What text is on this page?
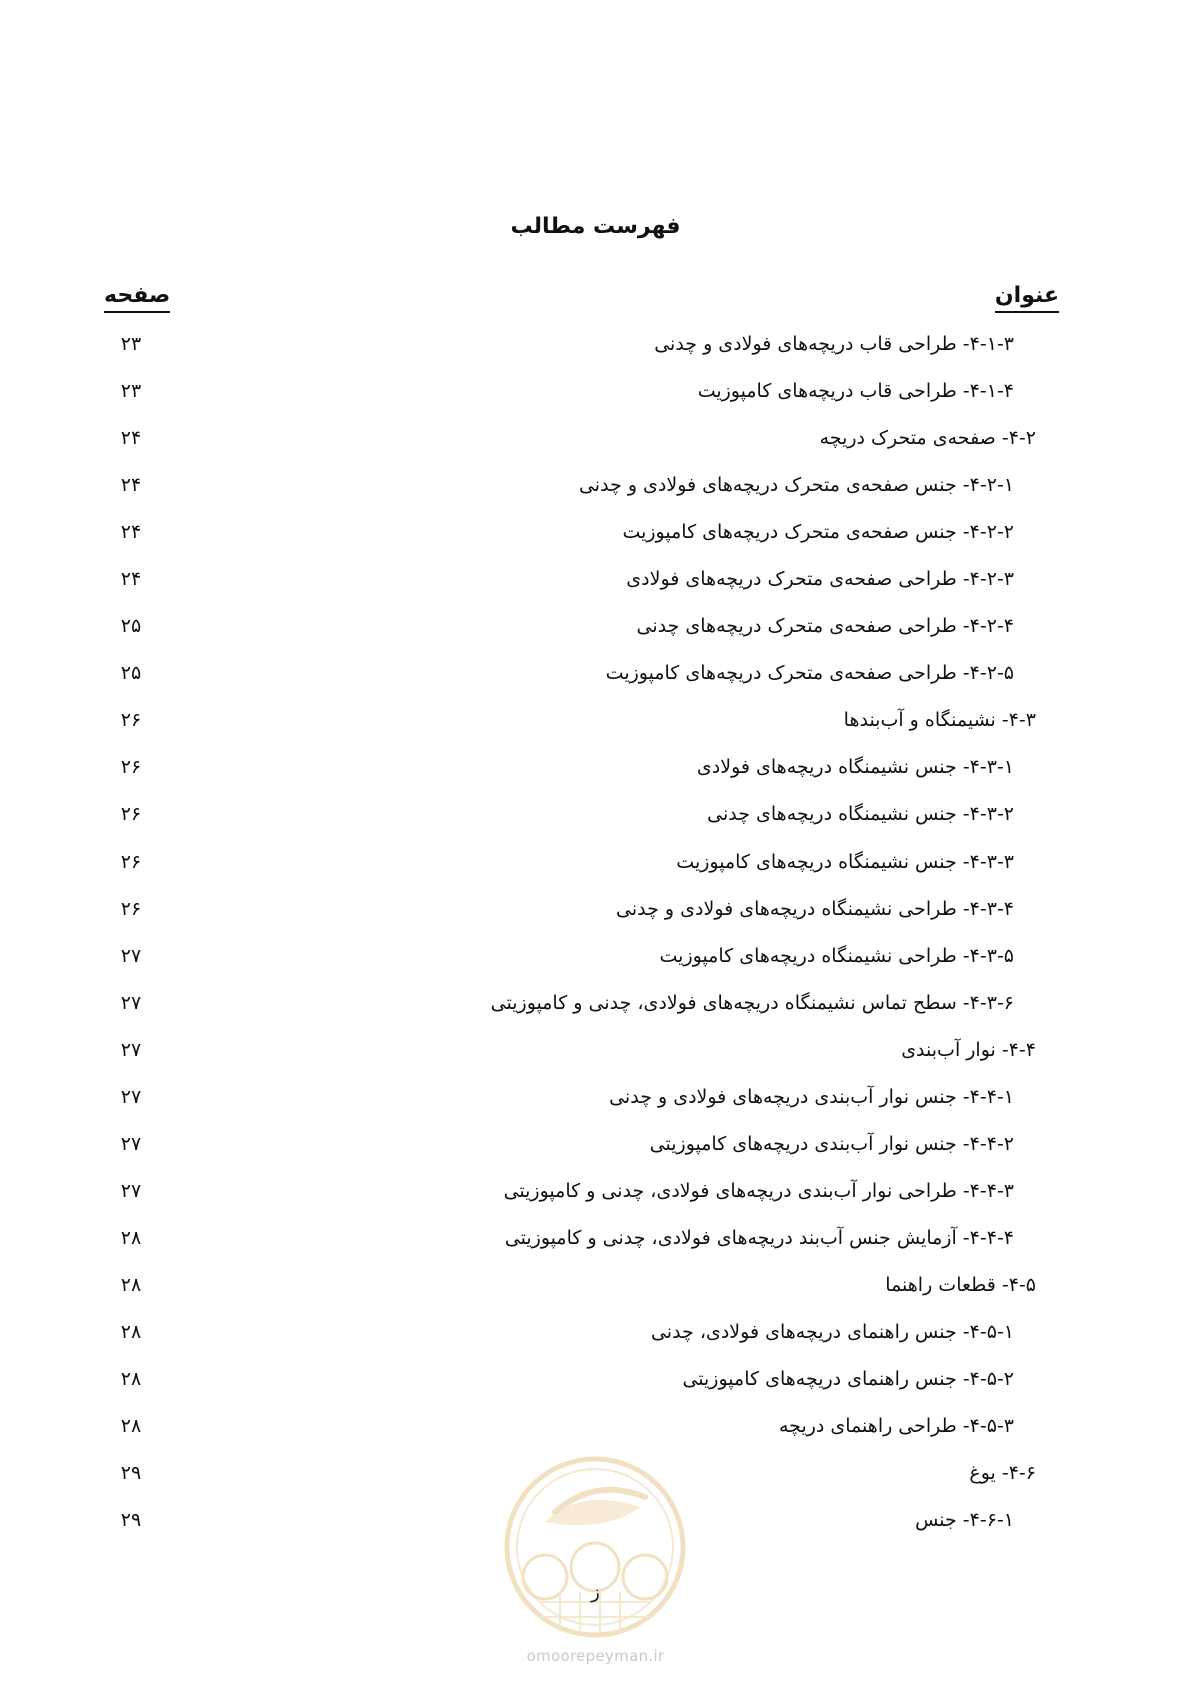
فهرست مطالب
عنوان
صفحه
۴-۱-۳- طراحی قاب دریچه‌های فولادی و چدنی
۲۳
۴-۱-۴- طراحی قاب دریچه‌های کامپوزیت
۲۳
۴-۲- صفحه‌ی متحرک دریچه
۲۴
۴-۲-۱- جنس صفحه‌ی متحرک دریچه‌های فولادی و چدنی
۲۴
۴-۲-۲- جنس صفحه‌ی متحرک دریچه‌های کامپوزیت
۲۴
۴-۲-۳- طراحی صفحه‌ی متحرک دریچه‌های فولادی
۲۴
۴-۲-۴- طراحی صفحه‌ی متحرک دریچه‌های چدنی
۲۵
۴-۲-۵- طراحی صفحه‌ی متحرک دریچه‌های کامپوزیت
۲۵
۴-۳- نشیمنگاه و آب‌بندها
۲۶
۴-۳-۱- جنس نشیمنگاه دریچه‌های فولادی
۲۶
۴-۳-۲- جنس نشیمنگاه دریچه‌های چدنی
۲۶
۴-۳-۳- جنس نشیمنگاه دریچه‌های کامپوزیت
۲۶
۴-۳-۴- طراحی نشیمنگاه دریچه‌های فولادی و چدنی
۲۶
۴-۳-۵- طراحی نشیمنگاه دریچه‌های کامپوزیت
۲۷
۴-۳-۶- سطح تماس نشیمنگاه دریچه‌های فولادی، چدنی و کامپوزیتی
۲۷
۴-۴- نوار آب‌بندی
۲۷
۴-۴-۱- جنس نوار آب‌بندی دریچه‌های فولادی و چدنی
۲۷
۴-۴-۲- جنس نوار آب‌بندی دریچه‌های کامپوزیتی
۲۷
۴-۴-۳- طراحی نوار آب‌بندی دریچه‌های فولادی، چدنی و کامپوزیتی
۲۷
۴-۴-۴- آزمایش جنس آب‌بند دریچه‌های فولادی، چدنی و کامپوزیتی
۲۸
۴-۵- قطعات راهنما
۲۸
۴-۵-۱- جنس راهنمای دریچه‌های فولادی، چدنی
۲۸
۴-۵-۲- جنس راهنمای دریچه‌های کامپوزیتی
۲۸
۴-۵-۳- طراحی راهنمای دریچه
۲۸
۴-۶- یوغ
۲۹
۴-۶-۱- جنس
۲۹
ز
omoorepeyman.ir
